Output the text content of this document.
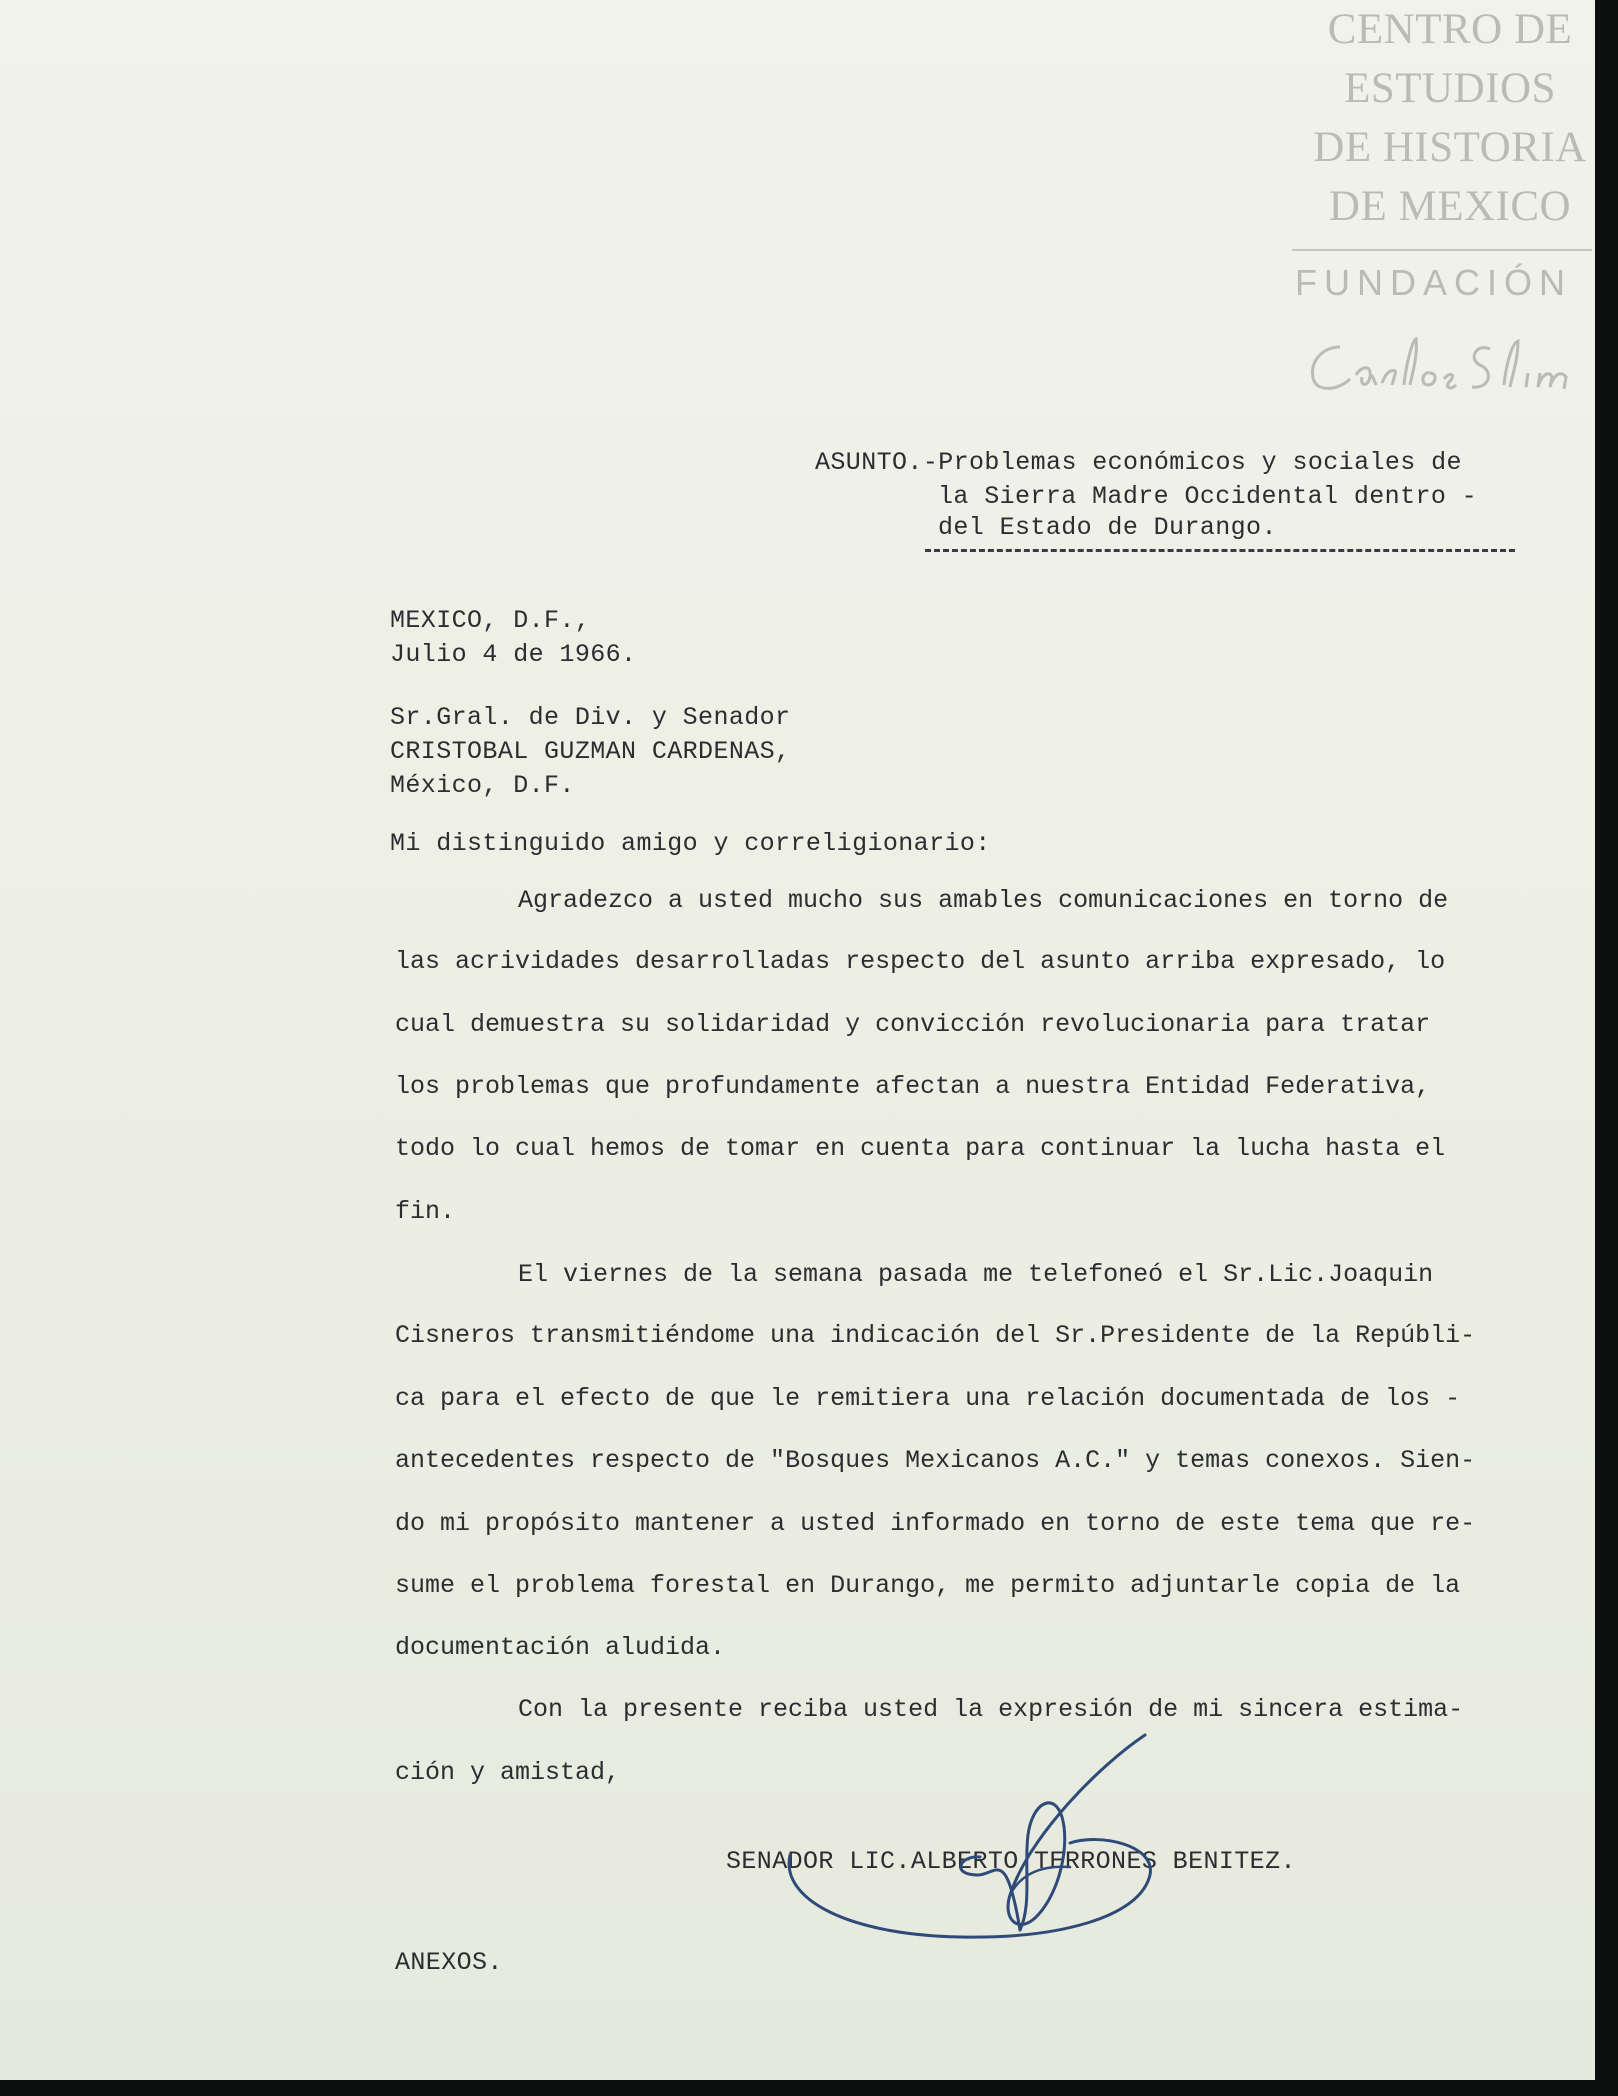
CENTRO DE
ESTUDIOS
DE HISTORIA
DE MEXICO
FUNDACIÓN
ASUNTO.-Problemas económicos y sociales de
la Sierra Madre Occidental dentro -
del Estado de Durango.
MEXICO, D.F.,
Julio 4 de 1966.
Sr.Gral. de Div. y Senador
CRISTOBAL GUZMAN CARDENAS,
México, D.F.
Mi distinguido amigo y correligionario:
Agradezco a usted mucho sus amables comunicaciones en torno de
las acrividades desarrolladas respecto del asunto arriba expresado, lo
cual demuestra su solidaridad y convicción revolucionaria para tratar
los problemas que profundamente afectan a nuestra Entidad Federativa,
todo lo cual hemos de tomar en cuenta para continuar la lucha hasta el
fin.
El viernes de la semana pasada me telefoneó el Sr.Lic.Joaquin
Cisneros transmitiéndome una indicación del Sr.Presidente de la Repúbli-
ca para el efecto de que le remitiera una relación documentada de los -
antecedentes respecto de "Bosques Mexicanos A.C." y temas conexos. Sien-
do mi propósito mantener a usted informado en torno de este tema que re-
sume el problema forestal en Durango, me permito adjuntarle copia de la
documentación aludida.
Con la presente reciba usted la expresión de mi sincera estima-
ción y amistad,
SENADOR LIC.ALBERTO TERRONES BENITEZ.
ANEXOS.
